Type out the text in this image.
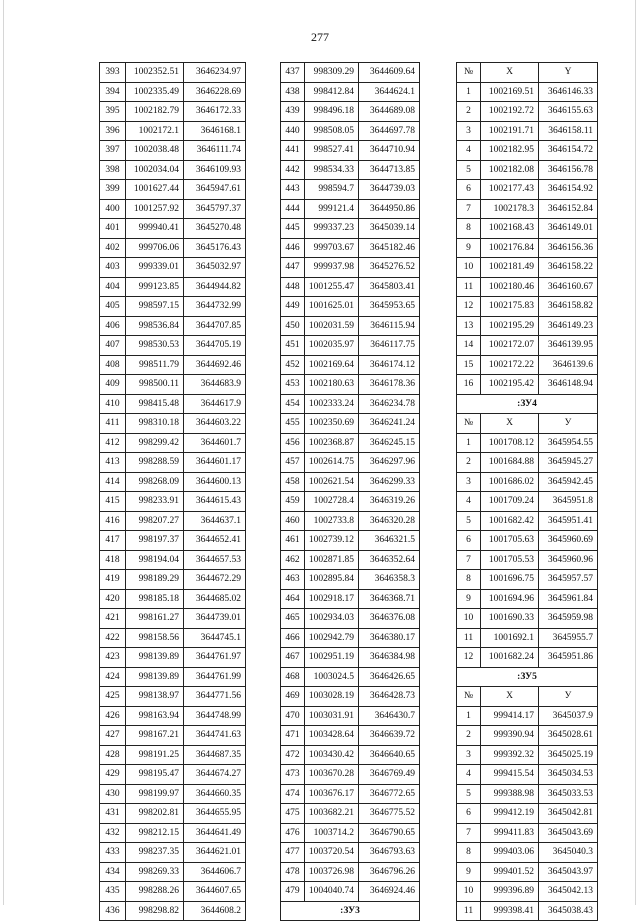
277
393	1002352.51	3646234.97
394	1002335.49	3646228.69
395	1002182.79	3646172.33
396	1002172.1	3646168.1
397	1002038.48	3646111.74
398	1002034.04	3646109.93
399	1001627.44	3645947.61
400	1001257.92	3645797.37
401	999940.41	3645270.48
402	999706.06	3645176.43
403	999339.01	3645032.97
404	999123.85	3644944.82
405	998597.15	3644732.99
406	998536.84	3644707.85
407	998530.53	3644705.19
408	998511.79	3644692.46
409	998500.11	3644683.9
410	998415.48	3644617.9
411	998310.18	3644603.22
412	998299.42	3644601.7
413	998288.59	3644601.17
414	998268.09	3644600.13
415	998233.91	3644615.43
416	998207.27	3644637.1
417	998197.37	3644652.41
418	998194.04	3644657.53
419	998189.29	3644672.29
420	998185.18	3644685.02
421	998161.27	3644739.01
422	998158.56	3644745.1
423	998139.89	3644761.97
424	998139.89	3644761.99
425	998138.97	3644771.56
426	998163.94	3644748.99
427	998167.21	3644741.63
428	998191.25	3644687.35
429	998195.47	3644674.27
430	998199.97	3644660.35
431	998202.81	3644655.95
432	998212.15	3644641.49
433	998237.35	3644621.01
434	998269.33	3644606.7
435	998288.26	3644607.65
436	998298.82	3644608.2
437	998309.29	3644609.64
438	998412.84	3644624.1
439	998496.18	3644689.08
440	998508.05	3644697.78
441	998527.41	3644710.94
442	998534.33	3644713.85
443	998594.7	3644739.03
444	999121.4	3644950.86
445	999337.23	3645039.14
446	999703.67	3645182.46
447	999937.98	3645276.52
448	1001255.47	3645803.41
449	1001625.01	3645953.65
450	1002031.59	3646115.94
451	1002035.97	3646117.75
452	1002169.64	3646174.12
453	1002180.63	3646178.36
454	1002333.24	3646234.78
455	1002350.69	3646241.24
456	1002368.87	3646245.15
457	1002614.75	3646297.96
458	1002621.54	3646299.33
459	1002728.4	3646319.26
460	1002733.8	3646320.28
461	1002739.12	3646321.5
462	1002871.85	3646352.64
463	1002895.84	3646358.3
464	1002918.17	3646368.71
465	1002934.03	3646376.08
466	1002942.79	3646380.17
467	1002951.19	3646384.98
468	1003024.5	3646426.65
469	1003028.19	3646428.73
470	1003031.91	3646430.7
471	1003428.64	3646639.72
472	1003430.42	3646640.65
473	1003670.28	3646769.49
474	1003676.17	3646772.65
475	1003682.21	3646775.52
476	1003714.2	3646790.65
477	1003720.54	3646793.63
478	1003726.98	3646796.26
479	1004040.74	3646924.46
:ЗУ3		
№	X	Y
1	1002169.51	3646146.33
2	1002192.72	3646155.63
3	1002191.71	3646158.11
4	1002182.95	3646154.72
5	1002182.08	3646156.78
6	1002177.43	3646154.92
7	1002178.3	3646152.84
8	1002168.43	3646149.01
9	1002176.84	3646156.36
10	1002181.49	3646158.22
11	1002180.46	3646160.67
12	1002175.83	3646158.82
13	1002195.29	3646149.23
14	1002172.07	3646139.95
15	1002172.22	3646139.6
16	1002195.42	3646148.94
:ЗУ4		
№	X	У
1	1001708.12	3645954.55
2	1001684.88	3645945.27
3	1001686.02	3645942.45
4	1001709.24	3645951.8
5	1001682.42	3645951.41
6	1001705.63	3645960.69
7	1001705.53	3645960.96
8	1001696.75	3645957.57
9	1001694.96	3645961.84
10	1001690.33	3645959.98
11	1001692.1	3645955.7
12	1001682.24	3645951.86
:ЗУ5		
№	X	У
1	999414.17	3645037.9
2	999390.94	3645028.61
3	999392.32	3645025.19
4	999415.54	3645034.53
5	999388.98	3645033.53
6	999412.19	3645042.81
7	999411.83	3645043.69
8	999403.06	3645040.3
9	999401.52	3645043.97
10	999396.89	3645042.13
11	999398.41	3645038.43
